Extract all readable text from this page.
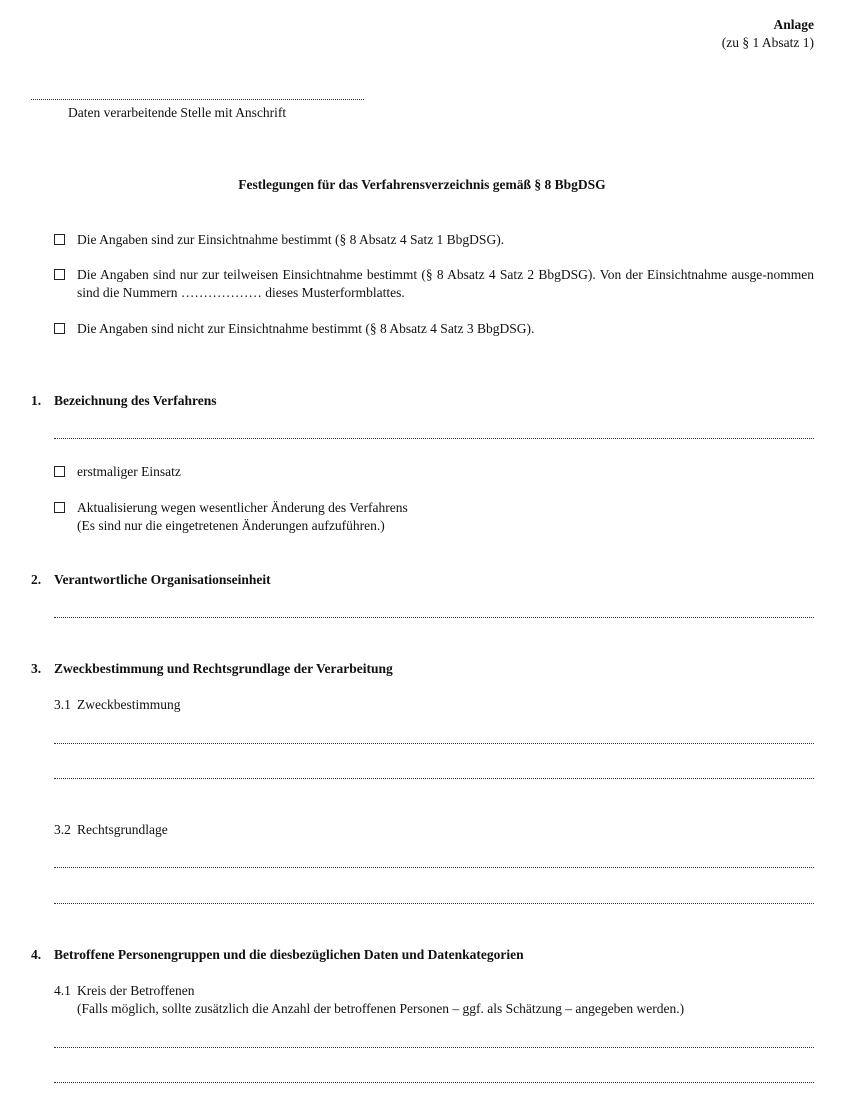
Anlage
(zu § 1 Absatz 1)
Daten verarbeitende Stelle mit Anschrift
Festlegungen für das Verfahrensverzeichnis gemäß § 8 BbgDSG
Die Angaben sind zur Einsichtnahme bestimmt (§ 8 Absatz 4 Satz 1 BbgDSG).
Die Angaben sind nur zur teilweisen Einsichtnahme bestimmt (§ 8 Absatz 4 Satz 2 BbgDSG). Von der Einsichtnahme ausge-nommen sind die Nummern ……………… dieses Musterformblattes.
Die Angaben sind nicht zur Einsichtnahme bestimmt (§ 8 Absatz 4 Satz 3 BbgDSG).
1. Bezeichnung des Verfahrens
erstmaliger Einsatz
Aktualisierung wegen wesentlicher Änderung des Verfahrens
(Es sind nur die eingetretenen Änderungen aufzuführen.)
2. Verantwortliche Organisationseinheit
3. Zweckbestimmung und Rechtsgrundlage der Verarbeitung
3.1 Zweckbestimmung
3.2 Rechtsgrundlage
4. Betroffene Personengruppen und die diesbezüglichen Daten und Datenkategorien
4.1 Kreis der Betroffenen
(Falls möglich, sollte zusätzlich die Anzahl der betroffenen Personen – ggf. als Schätzung – angegeben werden.)
